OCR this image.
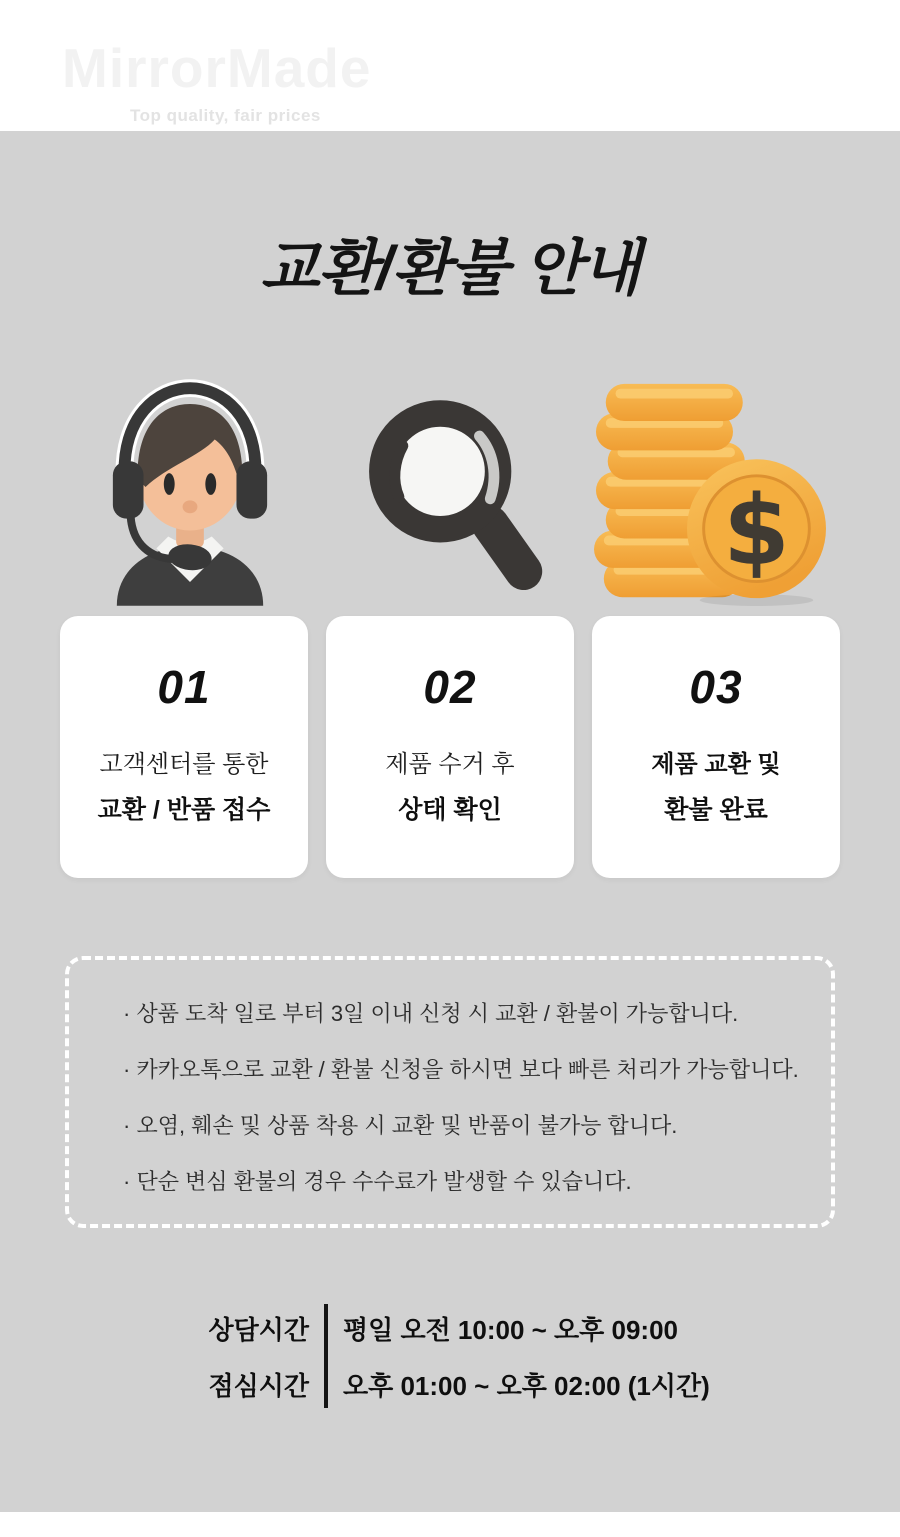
MirrorMade
Top quality, fair prices
교환/환불 안내
$
01
고객센터를 통한
교환 / 반품 접수
02
제품 수거 후
상태 확인
03
제품 교환 및
환불 완료
· 상품 도착 일로 부터 3일 이내 신청 시 교환 / 환불이 가능합니다.
· 카카오톡으로 교환 / 환불 신청을 하시면 보다 빠른 처리가 가능합니다.
· 오염, 훼손 및 상품 착용 시 교환 및 반품이 불가능 합니다.
· 단순 변심 환불의 경우 수수료가 발생할 수 있습니다.
상담시간	평일 오전 10:00 ~ 오후 09:00
점심시간	오후 01:00 ~ 오후 02:00 (1시간)
